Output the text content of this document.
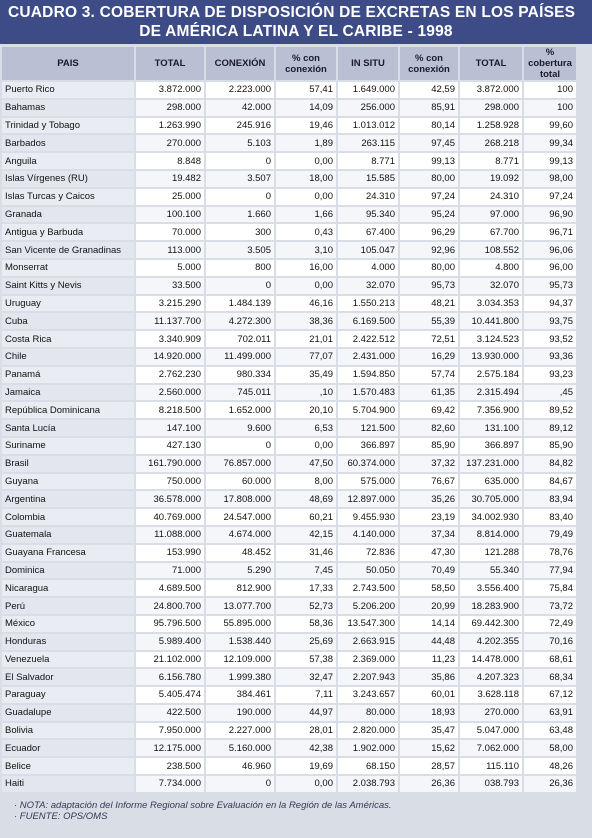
CUADRO 3. COBERTURA DE DISPOSICIÓN DE EXCRETAS EN LOS PAÍSES
DE AMÉRICA LATINA Y EL CARIBE - 1998
PAIS	TOTAL	CONEXIÓN	% con conexión	IN SITU	% con conexión	TOTAL	% cobertura total
Puerto Rico	3.872.000	2.223.000	57,41	1.649.000	42,59	3.872.000	100
Bahamas	298.000	42.000	14,09	256.000	85,91	298.000	100
Trinidad y Tobago	1.263.990	245.916	19,46	1.013.012	80,14	1.258.928	99,60
Barbados	270.000	5.103	1,89	263.115	97,45	268.218	99,34
Anguila	8.848	0	0,00	8.771	99,13	8.771	99,13
Islas Vírgenes (RU)	19.482	3.507	18,00	15.585	80,00	19.092	98,00
Islas Turcas y Caicos	25.000	0	0,00	24.310	97,24	24.310	97,24
Granada	100.100	1.660	1,66	95.340	95,24	97.000	96,90
Antigua y Barbuda	70.000	300	0,43	67.400	96,29	67.700	96,71
San Vicente de Granadinas	113.000	3.505	3,10	105.047	92,96	108.552	96,06
Monserrat	5.000	800	16,00	4.000	80,00	4.800	96,00
Saint Kitts y Nevis	33.500	0	0,00	32.070	95,73	32.070	95,73
Uruguay	3.215.290	1.484.139	46,16	1.550.213	48,21	3.034.353	94,37
Cuba	11.137.700	4.272.300	38,36	6.169.500	55,39	10.441.800	93,75
Costa Rica	3.340.909	702.011	21,01	2.422.512	72,51	3.124.523	93,52
Chile	14.920.000	11.499.000	77,07	2.431.000	16,29	13.930.000	93,36
Panamá	2.762.230	980.334	35,49	1.594.850	57,74	2.575.184	93,23
Jamaica	2.560.000	745.011	,10	1.570.483	61,35	2.315.494	,45
República Dominicana	8.218.500	1.652.000	20,10	5.704.900	69,42	7.356.900	89,52
Santa Lucía	147.100	9.600	6,53	121.500	82,60	131.100	89,12
Suriname	427.130	0	0,00	366.897	85,90	366.897	85,90
Brasil	161.790.000	76.857.000	47,50	60.374.000	37,32	137.231.000	84,82
Guyana	750.000	60.000	8,00	575.000	76,67	635.000	84,67
Argentina	36.578.000	17.808.000	48,69	12.897.000	35,26	30.705.000	83,94
Colombia	40.769.000	24.547.000	60,21	9.455.930	23,19	34.002.930	83,40
Guatemala	11.088.000	4.674.000	42,15	4.140.000	37,34	8.814.000	79,49
Guayana Francesa	153.990	48.452	31,46	72.836	47,30	121.288	78,76
Dominica	71.000	5.290	7,45	50.050	70,49	55.340	77,94
Nicaragua	4.689.500	812.900	17,33	2.743.500	58,50	3.556.400	75,84
Perú	24.800.700	13.077.700	52,73	5.206.200	20,99	18.283.900	73,72
México	95.796.500	55.895.000	58,36	13.547.300	14,14	69.442.300	72,49
Honduras	5.989.400	1.538.440	25,69	2.663.915	44,48	4.202.355	70,16
Venezuela	21.102.000	12.109.000	57,38	2.369.000	11,23	14.478.000	68,61
El Salvador	6.156.780	1.999.380	32,47	2.207.943	35,86	4.207.323	68,34
Paraguay	5.405.474	384.461	7,11	3.243.657	60,01	3.628.118	67,12
Guadalupe	422.500	190.000	44,97	80.000	18,93	270.000	63,91
Bolivia	7.950.000	2.227.000	28,01	2.820.000	35,47	5.047.000	63,48
Ecuador	12.175.000	5.160.000	42,38	1.902.000	15,62	7.062.000	58,00
Belice	238.500	46.960	19,69	68.150	28,57	115.110	48,26
Haiti	7.734.000	0	0,00	2.038.793	26,36	038.793	26,36
· NOTA: adaptación del Informe Regional sobre Evaluación en la Región de las Américas.
· FUENTE: OPS/OMS
